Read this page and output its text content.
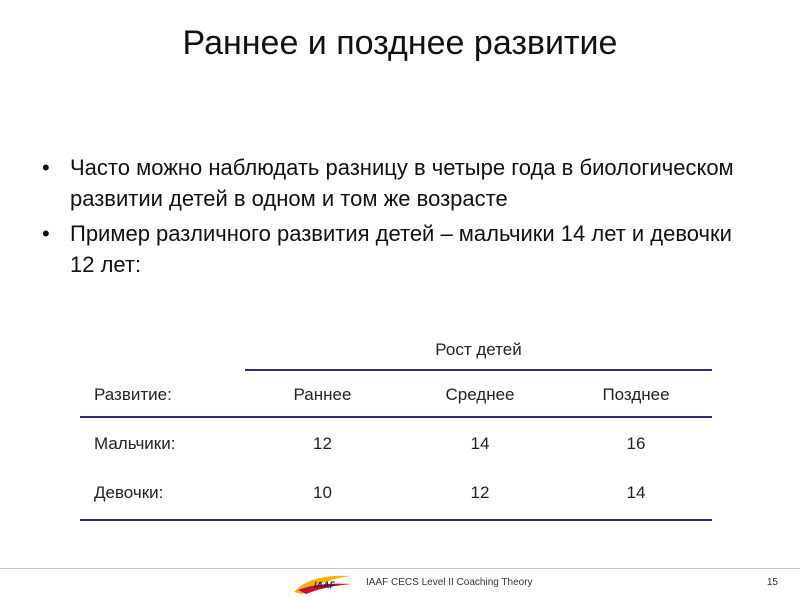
Раннее и позднее развитие
• Часто можно наблюдать разницу в четыре года в биологическом развитии детей в одном и том же возрасте
• Пример различного развития детей – мальчики 14 лет и девочки 12 лет:
Рост детей
Развитие:	Раннее	Среднее	Позднее
Мальчики:	12	14	16
Девочки:	10	12	14
IAAF	IAAF CECS Level II Coaching Theory	15
